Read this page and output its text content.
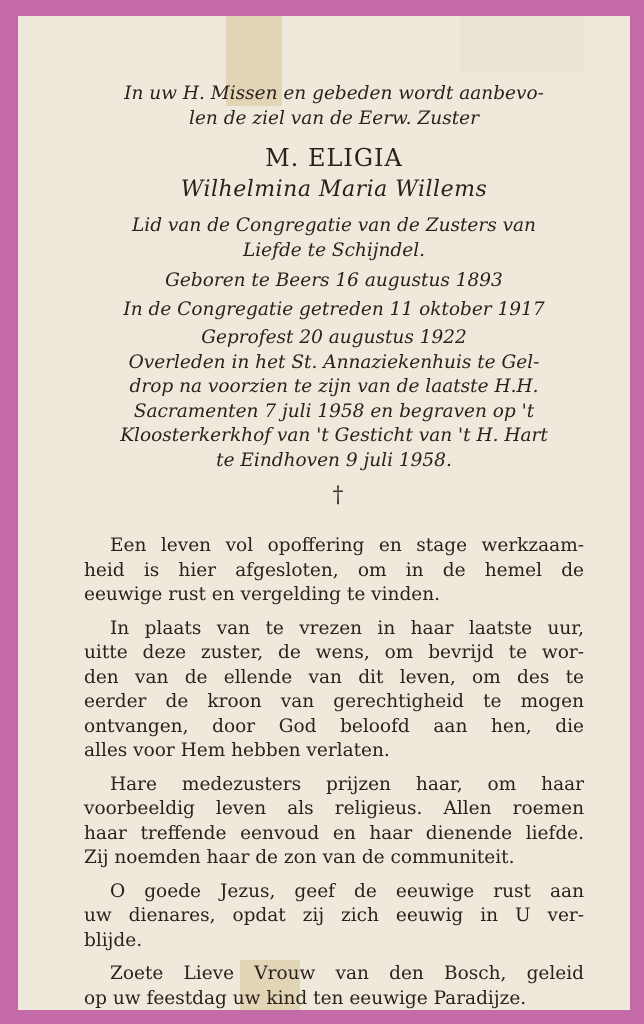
In uw H. Missen en gebeden wordt aanbevo-
len de ziel van de Eerw. Zuster
M. ELIGIA
Wilhelmina Maria Willems
Lid van de Congregatie van de Zusters van
Liefde te Schijndel.
Geboren te Beers 16 augustus 1893
In de Congregatie getreden 11 oktober 1917
Geprofest 20 augustus 1922
Overleden in het St. Annaziekenhuis te Gel-
drop na voorzien te zijn van de laatste H.H.
Sacramenten 7 juli 1958 en begraven op 't
Kloosterkerkhof van 't Gesticht van 't H. Hart
te Eindhoven 9 juli 1958.
†
Een leven vol opoffering en stage werkzaam-
heid is hier afgesloten, om in de hemel de
eeuwige rust en vergelding te vinden.
In plaats van te vrezen in haar laatste uur,
uitte deze zuster, de wens, om bevrijd te wor-
den van de ellende van dit leven, om des te
eerder de kroon van gerechtigheid te mogen
ontvangen, door God beloofd aan hen, die
alles voor Hem hebben verlaten.
Hare medezusters prijzen haar, om haar
voorbeeldig leven als religieus. Allen roemen
haar treffende eenvoud en haar dienende liefde.
Zij noemden haar de zon van de communiteit.
O goede Jezus, geef de eeuwige rust aan
uw dienares, opdat zij zich eeuwig in U ver-
blijde.
Zoete Lieve Vrouw van den Bosch, geleid
op uw feestdag uw kind ten eeuwige Paradijze.
